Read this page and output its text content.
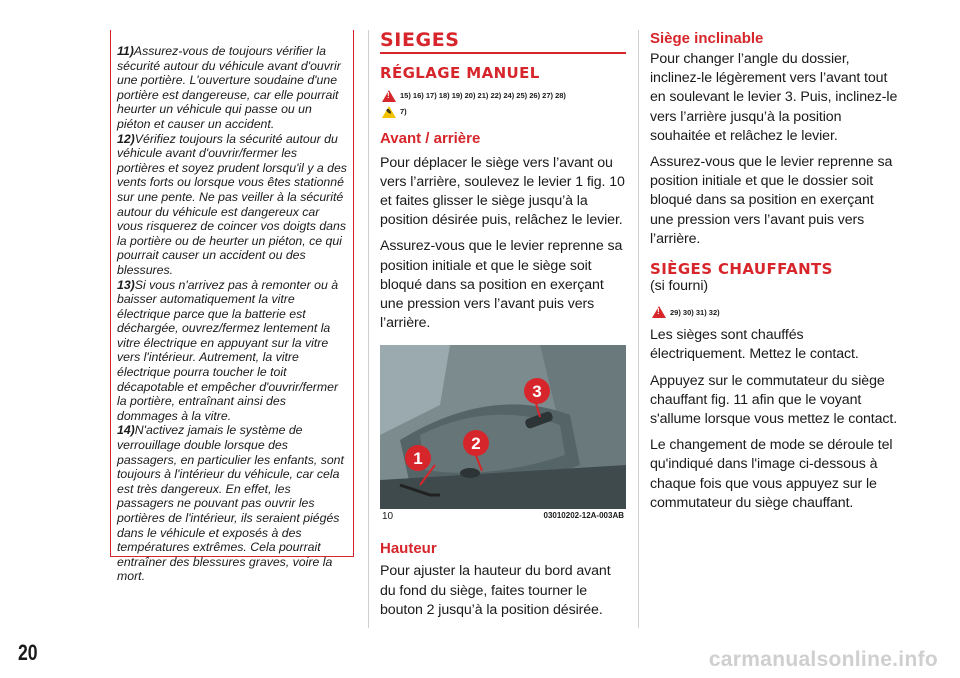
11)Assurez-vous de toujours vérifier la sécurité autour du véhicule avant d'ouvrir une portière. L'ouverture soudaine d'une portière est dangereuse, car elle pourrait heurter un véhicule qui passe ou un piéton et causer un accident.

12)Vérifiez toujours la sécurité autour du véhicule avant d'ouvrir/fermer les portières et soyez prudent lorsqu'il y a des vents forts ou lorsque vous êtes stationné sur une pente. Ne pas veiller à la sécurité autour du véhicule est dangereux car vous risquerez de coincer vos doigts dans la portière ou de heurter un piéton, ce qui pourrait causer un accident ou des blessures.

13)Si vous n'arrivez pas à remonter ou à baisser automatiquement la vitre électrique parce que la batterie est déchargée, ouvrez/fermez lentement la vitre électrique en appuyant sur la vitre vers l'intérieur. Autrement, la vitre électrique pourra toucher le toit décapotable et empêcher d'ouvrir/fermer la portière, entraînant ainsi des dommages à la vitre.

14)N'activez jamais le système de verrouillage double lorsque des passagers, en particulier les enfants, sont toujours à l'intérieur du véhicule, car cela est très dangereux. En effet, les passagers ne pouvant pas ouvrir les portières de l'intérieur, ils seraient piégés dans le véhicule et exposés à des températures extrêmes. Cela pourrait entraîner des blessures graves, voire la mort.

SIEGES
RÉGLAGE MANUEL
!
15) 16) 17) 18) 19) 20) 21) 22) 24) 25) 26) 27) 28)
✎
7)
Avant / arrière

Pour déplacer le siège vers l’avant ou vers l’arrière, soulevez le levier 1 fig. 10 et faites glisser le siège jusqu’à la position désirée puis, relâchez le levier.

Assurez-vous que le levier reprenne sa position initiale et que le siège soit bloqué dans sa position en exerçant une pression vers l’avant puis vers l’arrière.

1
2
3
10	03010202-12A-003AB
Hauteur

Pour ajuster la hauteur du bord avant du fond du siège, faites tourner le bouton 2 jusqu’à la position désirée.

Siège inclinable

Pour changer l’angle du dossier, inclinez-le légèrement vers l’avant tout en soulevant le levier 3. Puis, inclinez-le vers l’arrière jusqu’à la position souhaitée et relâchez le levier.

Assurez-vous que le levier reprenne sa position initiale et que le dossier soit bloqué dans sa position en exerçant une pression vers l’avant puis vers l’arrière.

SIÈGES CHAUFFANTS

(si fourni)

!
29) 30) 31) 32)

Les sièges sont chauffés électriquement. Mettez le contact.

Appuyez sur le commutateur du siège chauffant fig. 11 afin que le voyant s'allume lorsque vous mettez le contact.

Le changement de mode se déroule tel qu'indiqué dans l'image ci-dessous à chaque fois que vous appuyez sur le commutateur du siège chauffant.

20	carmanualsonline.info
